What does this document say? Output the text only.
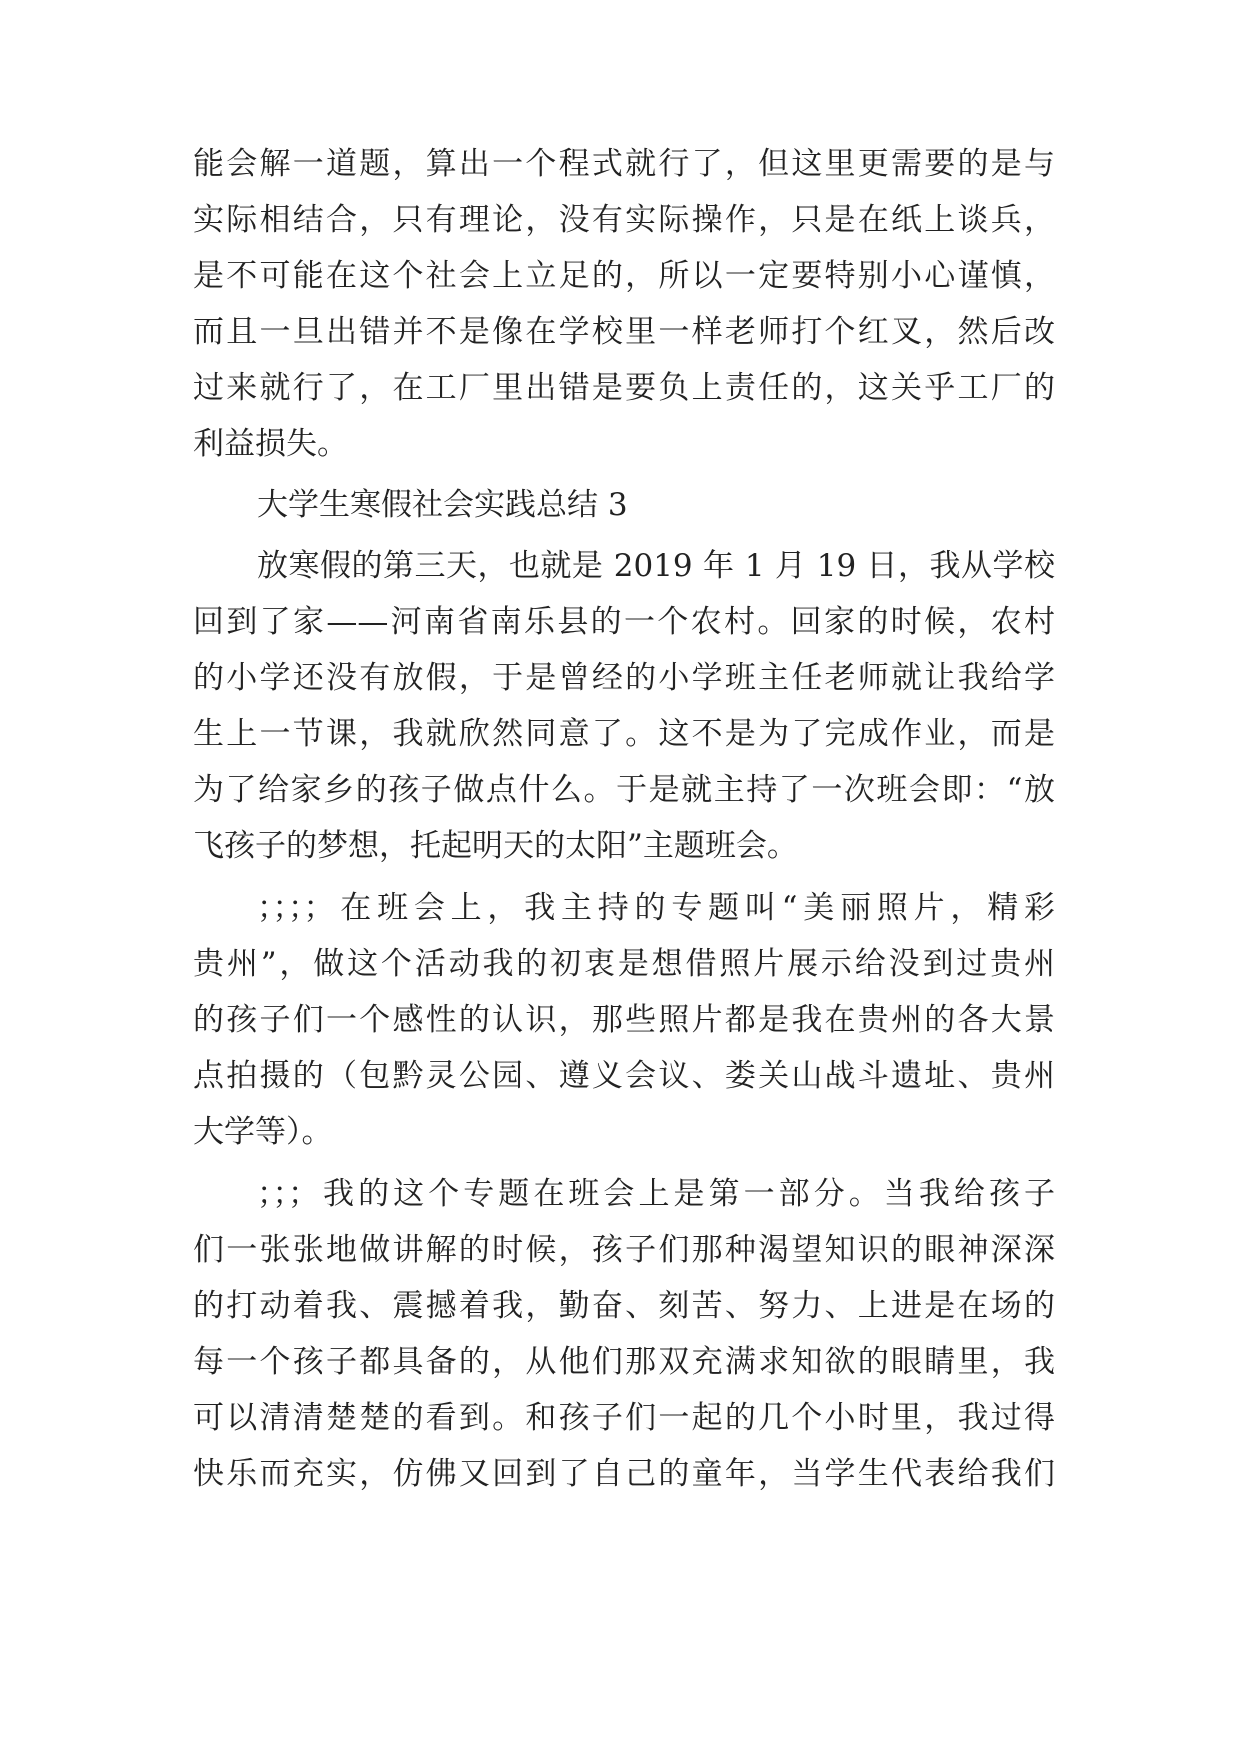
能会解一道题，算出一个程式就行了，但这里更需要的是与
实际相结合，只有理论，没有实际操作，只是在纸上谈兵，
是不可能在这个社会上立足的，所以一定要特别小心谨慎，
而且一旦出错并不是像在学校里一样老师打个红叉，然后改
过来就行了，在工厂里出错是要负上责任的，这关乎工厂的
利益损失。
大学生寒假社会实践总结 3
放寒假的第三天，也就是 2019 年 1 月 19 日，我从学校
回到了家——河南省南乐县的一个农村。回家的时候，农村
的小学还没有放假，于是曾经的小学班主任老师就让我给学
生上一节课，我就欣然同意了。这不是为了完成作业，而是
为了给家乡的孩子做点什么。于是就主持了一次班会即：“放
飞孩子的梦想，托起明天的太阳”主题班会。
；；；；在班会上，我主持的专题叫“美丽照片，精彩
贵州”，做这个活动我的初衷是想借照片展示给没到过贵州
的孩子们一个感性的认识，那些照片都是我在贵州的各大景
点拍摄的（包黔灵公园、遵义会议、娄关山战斗遗址、贵州
大学等）。
；；；我的这个专题在班会上是第一部分。当我给孩子
们一张张地做讲解的时候，孩子们那种渴望知识的眼神深深
的打动着我、震撼着我，勤奋、刻苦、努力、上进是在场的
每一个孩子都具备的，从他们那双充满求知欲的眼睛里，我
可以清清楚楚的看到。和孩子们一起的几个小时里，我过得
快乐而充实，仿佛又回到了自己的童年，当学生代表给我们
